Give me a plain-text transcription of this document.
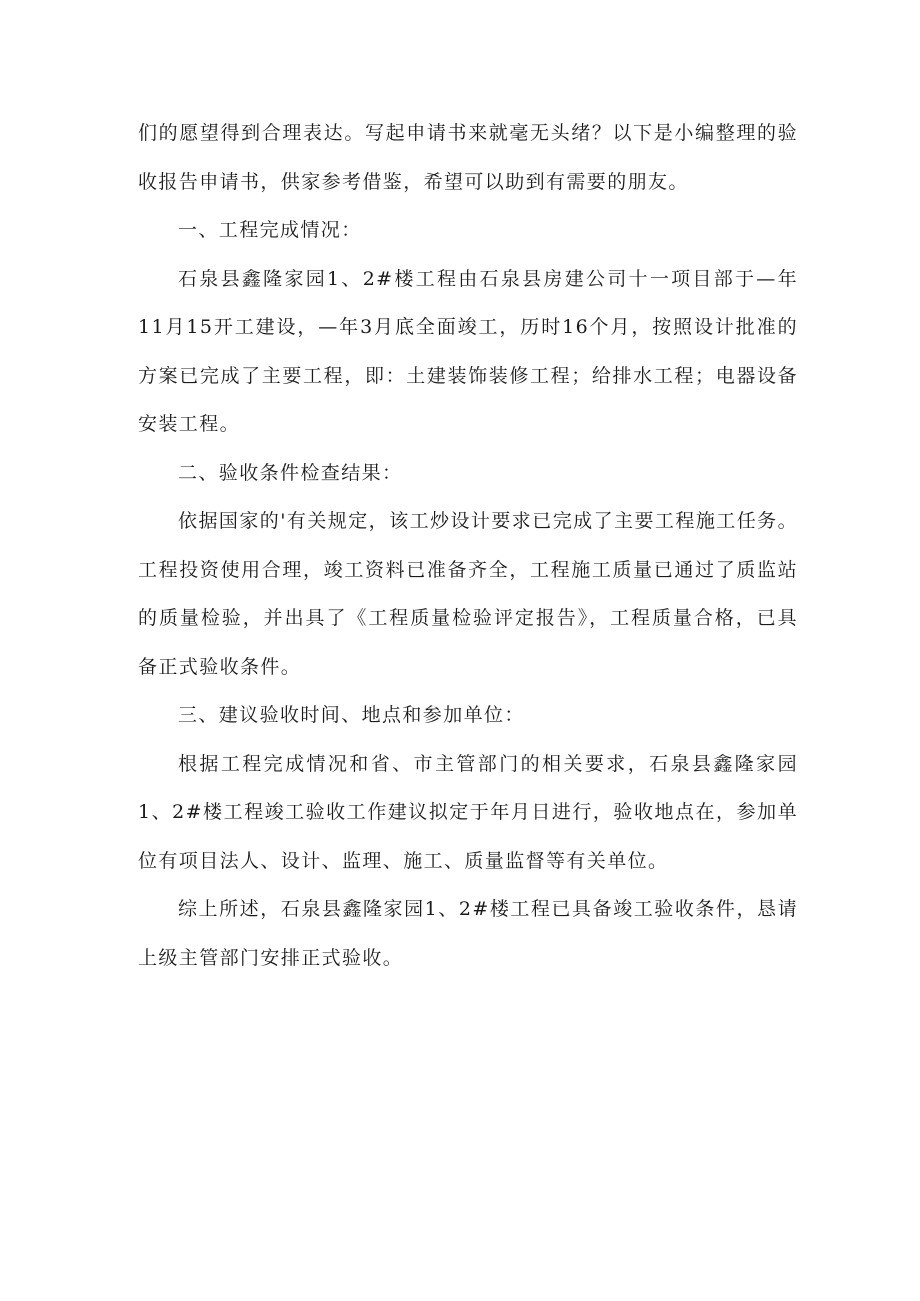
们的愿望得到合理表达。写起申请书来就毫无头绪？以下是小编整理的验收报告申请书，供家参考借鉴，希望可以助到有需要的朋友。

一、工程完成情况：

石泉县鑫隆家园1、2#楼工程由石泉县房建公司十一项目部于—年11月15开工建设，—年3月底全面竣工，历时16个月，按照设计批准的方案已完成了主要工程，即：土建装饰装修工程；给排水工程；电器设备安装工程。

二、验收条件检查结果：

依据国家的'有关规定，该工炒设计要求已完成了主要工程施工任务。工程投资使用合理，竣工资料已准备齐全，工程施工质量已通过了质监站的质量检验，并出具了《工程质量检验评定报告》，工程质量合格，已具备正式验收条件。

三、建议验收时间、地点和参加单位：

根据工程完成情况和省、市主管部门的相关要求，石泉县鑫隆家园1、2#楼工程竣工验收工作建议拟定于年月日进行，验收地点在，参加单位有项目法人、设计、监理、施工、质量监督等有关单位。

综上所述，石泉县鑫隆家园1、2#楼工程已具备竣工验收条件，恳请上级主管部门安排正式验收。
